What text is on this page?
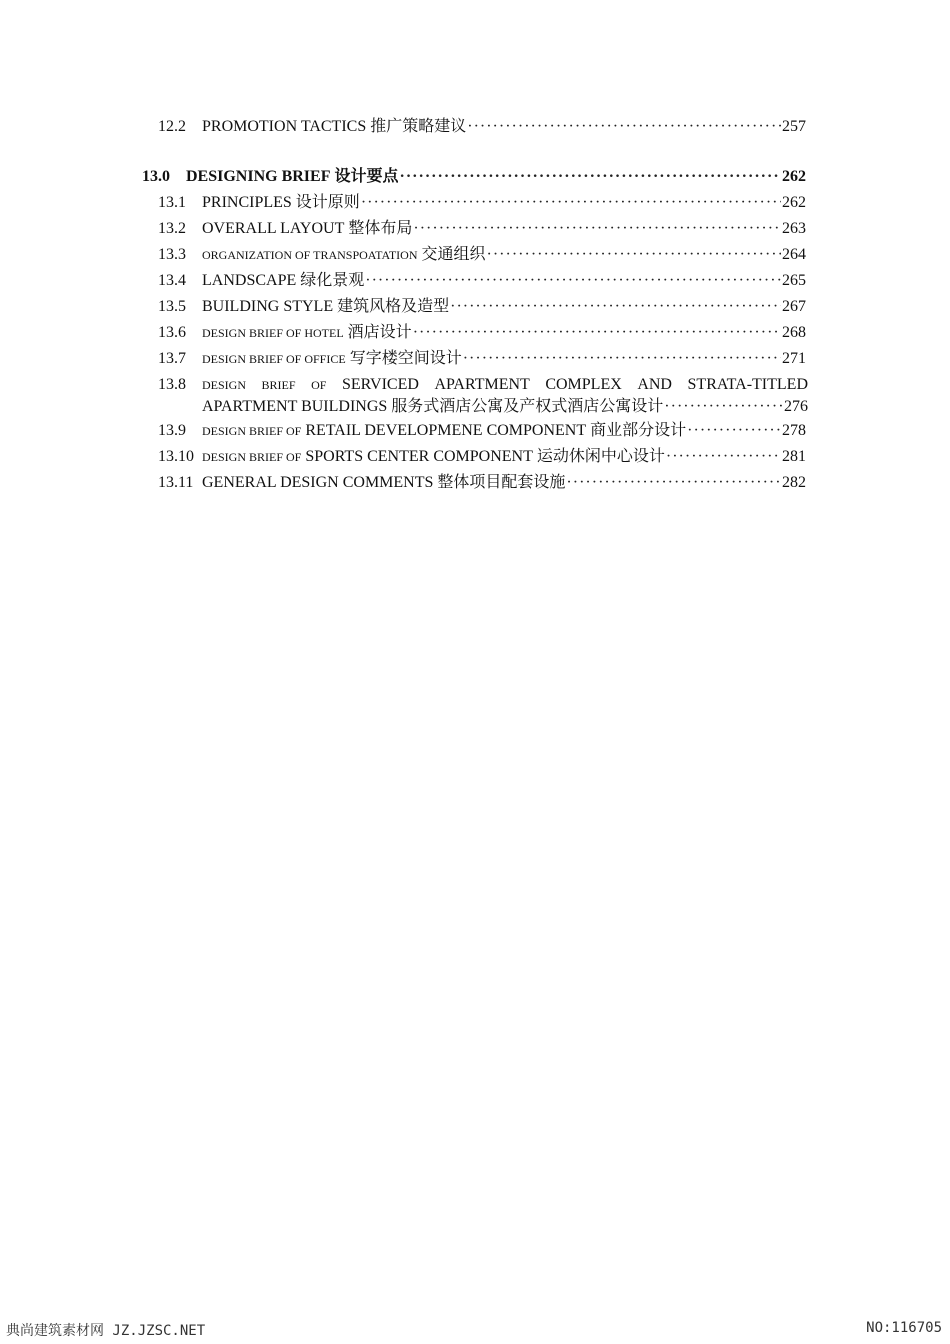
12.2	PROMOTION TACTICS 推广策略建议 ·····	257
13.0	DESIGNING BRIEF 设计要点 ·····	262
13.1	PRINCIPLES 设计原则 ·····	262
13.2	OVERALL LAYOUT 整体布局 ·····	263
13.3	ORGANIZATION OF TRANSPOATATION 交通组织 ·····	264
13.4	LANDSCAPE 绿化景观 ·····	265
13.5	BUILDING STYLE 建筑风格及造型 ·····	267
13.6	DESIGN BRIEF OF HOTEL 酒店设计 ·····	268
13.7	DESIGN BRIEF OF OFFICE 写字楼空间设计 ·····	271
13.8	DESIGN BRIEF OF SERVICED APARTMENT COMPLEX AND STRATA-TITLED
APARTMENT BUILDINGS 服务式酒店公寓及产权式酒店公寓设计 ·····	276
13.9	DESIGN BRIEF OF RETAIL DEVELOPMENE COMPONENT 商业部分设计 ·····	278
13.10 DESIGN BRIEF OF SPORTS CENTER COMPONENT 运动休闲中心设计 ·····	281
13.11 GENERAL DESIGN COMMENTS 整体项目配套设施 ·····	282
典尚建筑素材网 JZ.JZSC.NET	NO:116705
